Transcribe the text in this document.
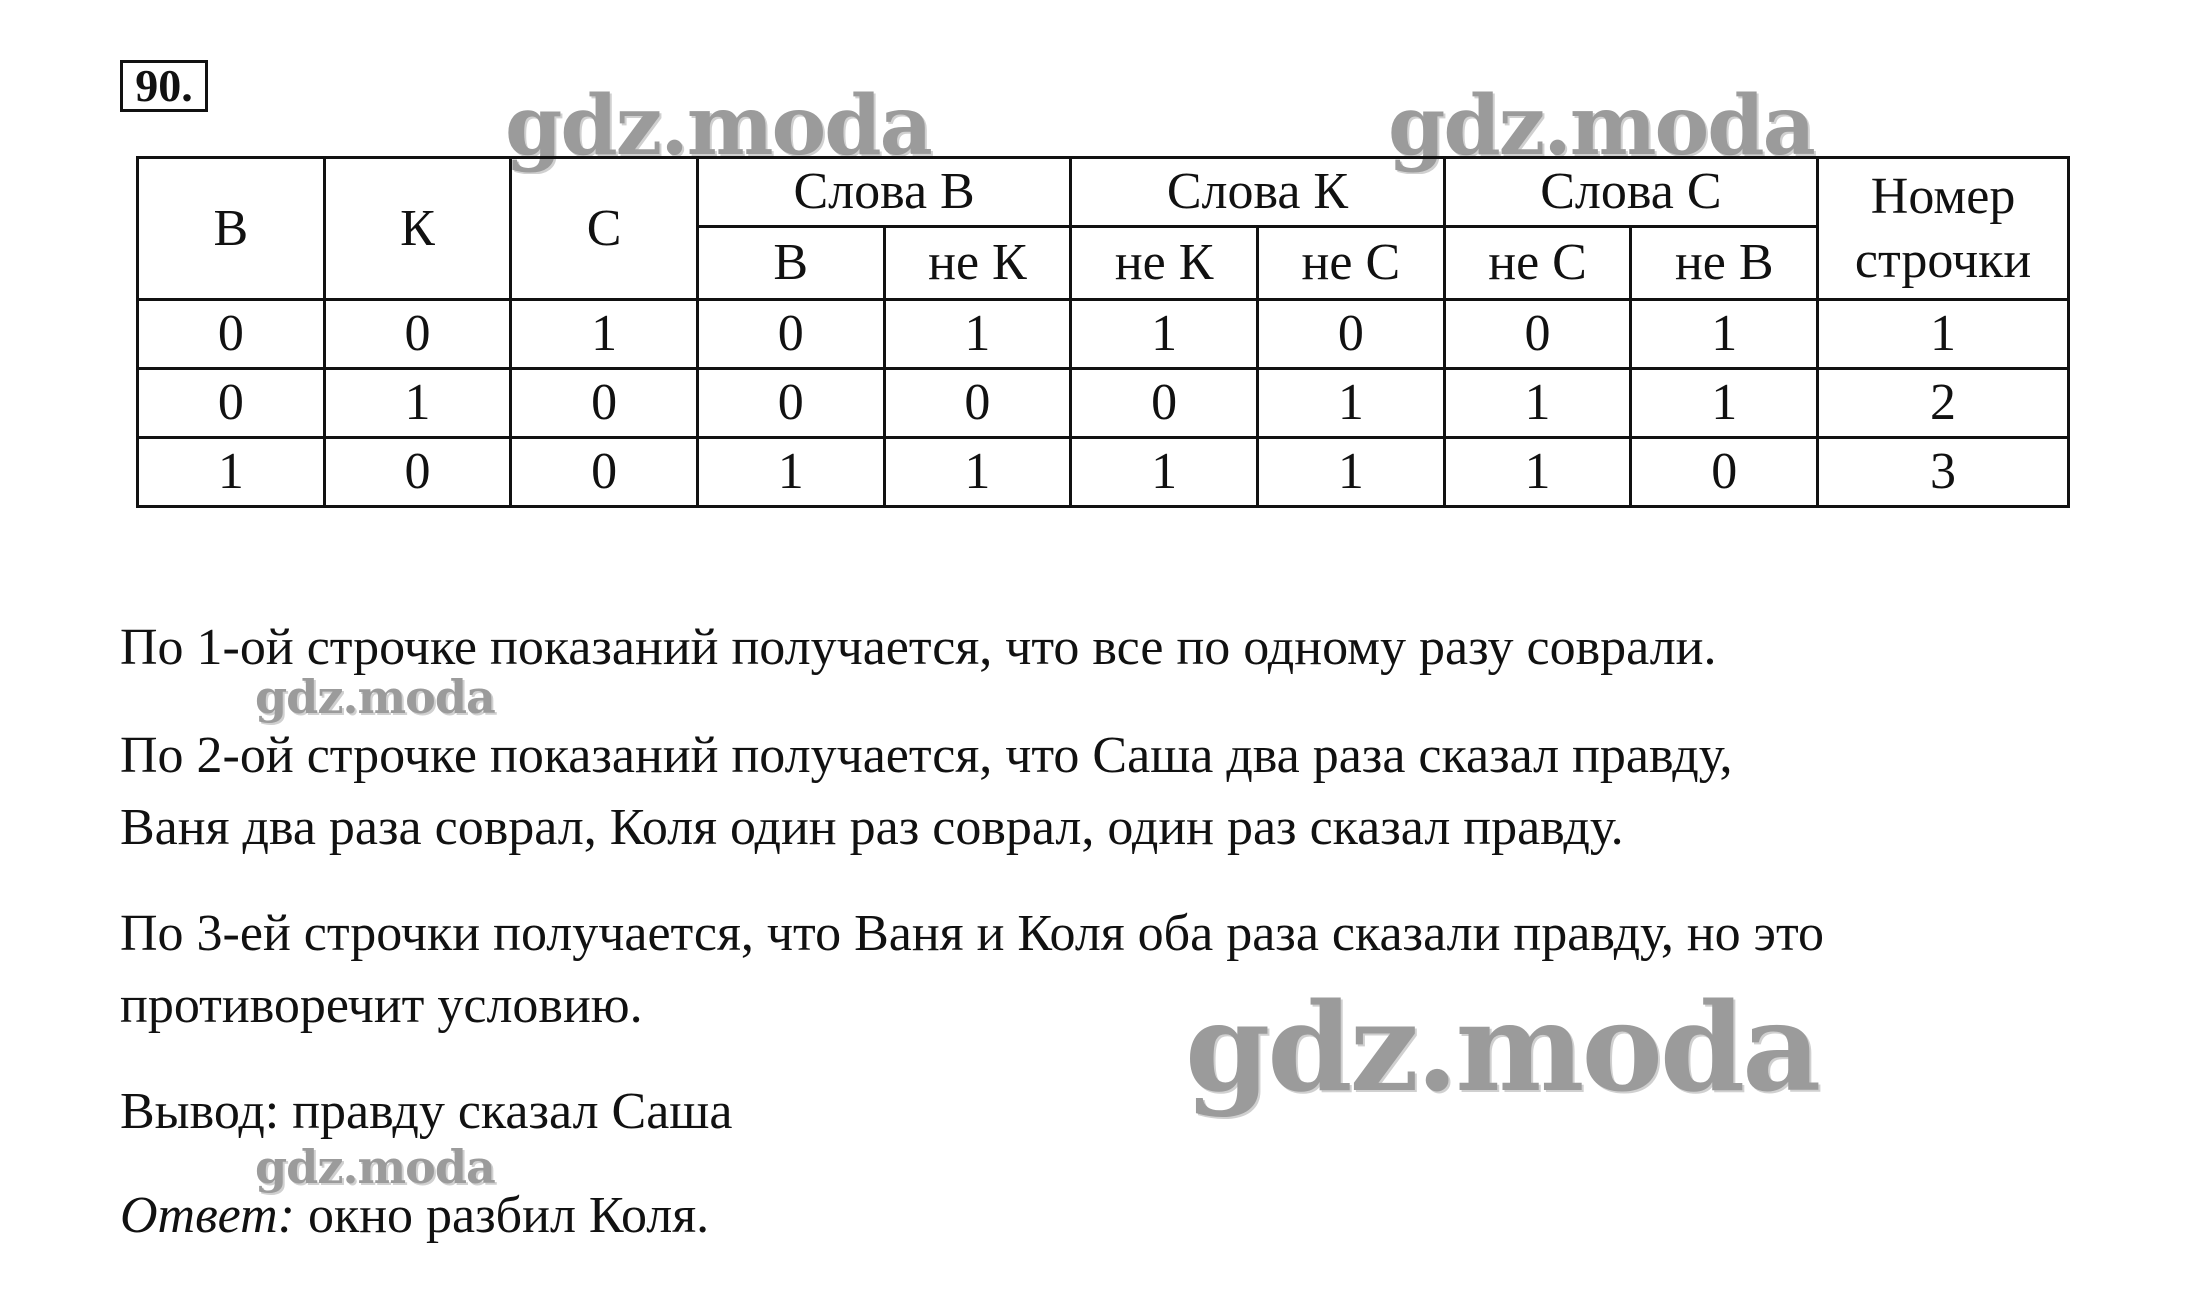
90.	gdz.moda	gdz.moda
В	К	С	Слова В		Слова К		Слова С		Номер строчки
			В	не К	не К	не С	не С	не В	
0	0	1	0	1	1	0	0	1	1
0	1	0	0	0	0	1	1	1	2
1	0	0	1	1	1	1	1	0	3

По 1-ой строчке показаний получается, что все по одному разу соврали.

gdz.moda

По 2-ой строчке показаний получается, что Саша два раза сказал правду,
Ваня два раза соврал, Коля один раз соврал, один раз сказал правду.

По 3-ей строчки получается, что Ваня и Коля оба раза сказали правду, но это
противоречит условию.	gdz.moda

Вывод: правду сказал Саша

gdz.moda

Ответ: окно разбил Коля.
